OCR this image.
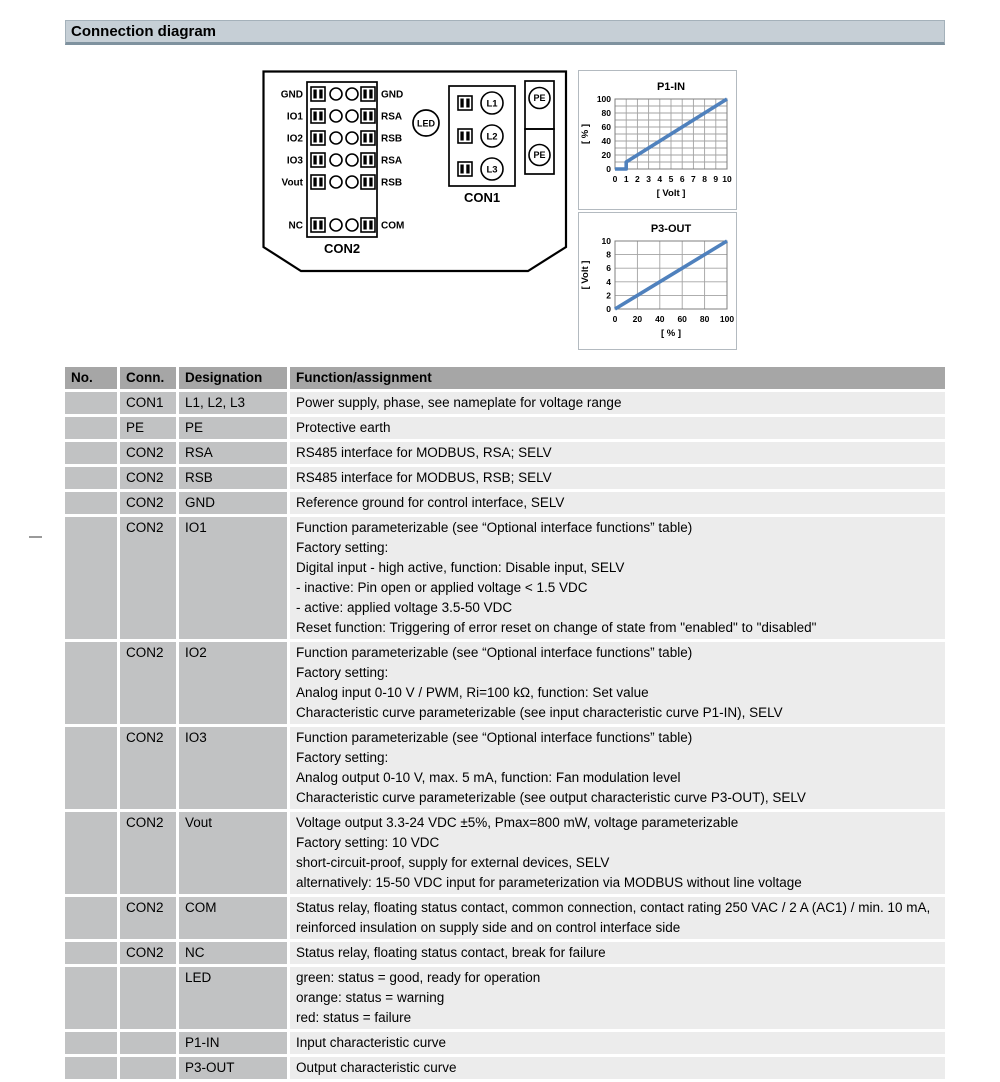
Connection diagram
GND	GND
IO1	RSA
IO2	RSB
IO3	RSA
Vout	RSB
NC	COM
CON2
LED
L1
L2
L3
CON1
PE
PE
P1-IN
0 1 2 3 4 5 6 7 8 9 10
0
20
40
60
80
100
[ Volt ]
[ % ]
P3-OUT
0 20 40 60 80 100
0
2
4
6
8
10
[ % ]
[ Volt ]
No.	Conn.	Designation	Function/assignment
	CON1	L1, L2, L3	Power supply, phase, see nameplate for voltage range

	PE	PE	Protective earth

	CON2	RSA	RS485 interface for MODBUS, RSA; SELV

	CON2	RSB	RS485 interface for MODBUS, RSB; SELV

	CON2	GND	Reference ground for control interface, SELV

	CON2	IO1	Function parameterizable (see “Optional interface functions” table)
Factory setting:
Digital input - high active, function: Disable input, SELV
- inactive: Pin open or applied voltage < 1.5 VDC
- active: applied voltage 3.5-50 VDC
Reset function: Triggering of error reset on change of state from "enabled" to "disabled"

	CON2	IO2	Function parameterizable (see “Optional interface functions” table)
Factory setting:
Analog input 0-10 V / PWM, Ri=100 kΩ, function: Set value
Characteristic curve parameterizable (see input characteristic curve P1-IN), SELV

	CON2	IO3	Function parameterizable (see “Optional interface functions” table)
Factory setting:
Analog output 0-10 V, max. 5 mA, function: Fan modulation level
Characteristic curve parameterizable (see output characteristic curve P3-OUT), SELV

	CON2	Vout	Voltage output 3.3-24 VDC ±5%, Pmax=800 mW, voltage parameterizable
Factory setting: 10 VDC
short-circuit-proof, supply for external devices, SELV
alternatively: 15-50 VDC input for parameterization via MODBUS without line voltage

	CON2	COM	Status relay, floating status contact, common connection, contact rating 250 VAC / 2 A (AC1) / min. 10 mA, reinforced insulation on supply side and on control interface side

	CON2	NC	Status relay, floating status contact, break for failure

		LED	green: status = good, ready for operation
orange: status = warning
red: status = failure

		P1-IN	Input characteristic curve

		P3-OUT	Output characteristic curve
